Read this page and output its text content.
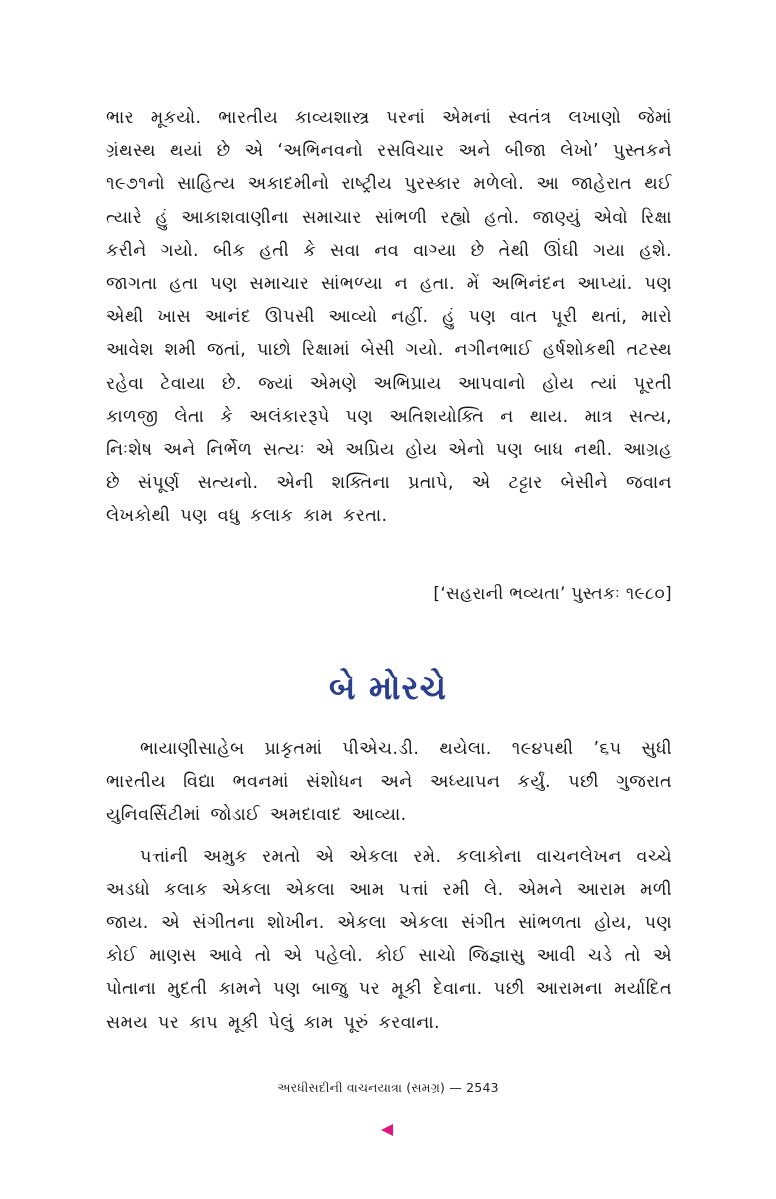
ભાર મૂકયો. ભારતીય કાવ્યશાસ્ત્ર પરનાં એમનાં સ્વતંત્ર લખાણો જેમાં ગ્રંથસ્થ થયાં છે એ ‘અભિનવનો રસવિચાર અને બીજા લેખો’ પુસ્તકને ૧૯૭૧નો સાહિત્ય અકાદમીનો રાષ્ટ્રીય પુરસ્કાર મળેલો. આ જાહેરાત થઈ ત્યારે હું આકાશવાણીના સમાચાર સાંભળી રહ્યો હતો. જાણ્યું એવો રિક્ષા કરીને ગયો. બીક હતી કે સવા નવ વાગ્યા છે તેથી ઊંઘી ગયા હશે. જાગતા હતા પણ સમાચાર સાંભળ્યા ન હતા. મેં અભિનંદન આપ્યાં. પણ એથી ખાસ આનંદ ઊપસી આવ્યો નહીં. હું પણ વાત પૂરી થતાં, મારો આવેશ શમી જતાં, પાછો રિક્ષામાં બેસી ગયો. નગીનભાઈ હર્ષશોકથી તટસ્થ રહેવા ટેવાયા છે. જ્યાં એમણે અભિપ્રાય આપવાનો હોય ત્યાં પૂરતી કાળજી લેતા કે અલંકારરૂપે પણ અતિશયોક્તિ ન થાય. માત્ર સત્ય, નિઃશેષ અને નિર્ભેળ સત્યઃ એ અપ્રિય હોય એનો પણ બાધ નથી. આગ્રહ છે સંપૂર્ણ સત્યનો. એની શક્તિના પ્રતાપે, એ ટટ્ટાર બેસીને જવાન લેખકોથી પણ વધુ કલાક કામ કરતા.
[‘સહરાની ભવ્યતા’ પુસ્તકઃ ૧૯૮૦]
બે મોરચે

ભાયાણીસાહેબ પ્રાકૃતમાં પીએચ.ડી. થયેલા. ૧૯૪૫થી ’૬૫ સુધી ભારતીય વિદ્યા ભવનમાં સંશોધન અને અધ્યાપન કર્યું. પછી ગુજરાત યુનિવર્સિટીમાં જોડાઈ અમદાવાદ આવ્યા.

પત્તાંની અમુક રમતો એ એકલા રમે. કલાકોના વાચનલેખન વચ્ચે અડધો કલાક એકલા એકલા આમ પત્તાં રમી લે. એમને આરામ મળી જાય. એ સંગીતના શોખીન. એકલા એકલા સંગીત સાંભળતા હોય, પણ કોઈ માણસ આવે તો એ પહેલો. કોઈ સાચો જિજ્ઞાસુ આવી ચડે તો એ પોતાના મુદતી કામને પણ બાજુ પર મૂકી દેવાના. પછી આરામના મર્યાદિત સમય પર કાપ મૂકી પેલું કામ પૂરું કરવાના.

અરધીસદીની વાચનયાત્રા (સમગ્ર) — 2543
